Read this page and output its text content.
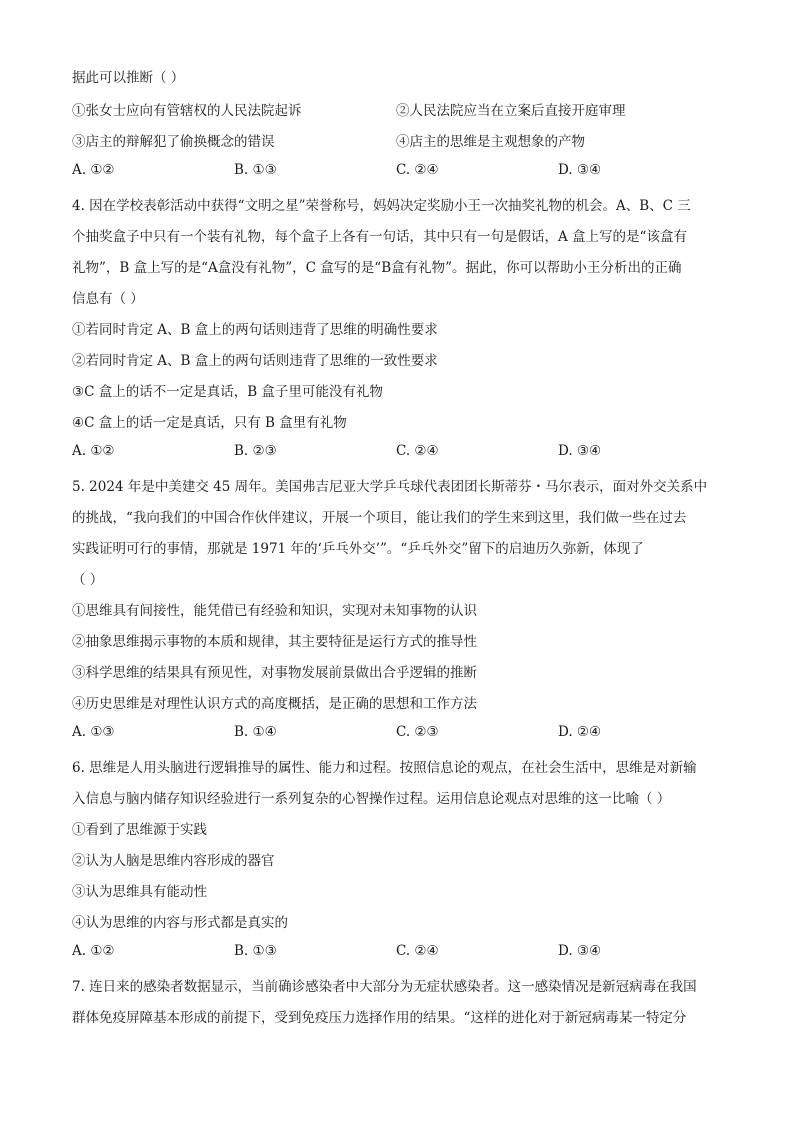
据此可以推断（ ）
①张女士应向有管辖权的人民法院起诉	②人民法院应当在立案后直接开庭审理
③店主的辩解犯了偷换概念的错误	④店主的思维是主观想象的产物
A. ①②	B. ①③	C. ②④	D. ③④
4. 因在学校表彰活动中获得“文明之星”荣誉称号，妈妈决定奖励小王一次抽奖礼物的机会。A、B、C 三
个抽奖盒子中只有一个装有礼物，每个盒子上各有一句话，其中只有一句是假话，A 盒上写的是“该盒有
礼物”，B 盒上写的是“A盒没有礼物”，C 盒写的是“B盒有礼物”。据此，你可以帮助小王分析出的正确
信息有（ ）
①若同时肯定 A、B 盒上的两句话则违背了思维的明确性要求
②若同时肯定 A、B 盒上的两句话则违背了思维的一致性要求
③C 盒上的话不一定是真话，B 盒子里可能没有礼物
④C 盒上的话一定是真话，只有 B 盒里有礼物
A. ①②	B. ②③	C. ②④	D. ③④
5. 2024 年是中美建交 45 周年。美国弗吉尼亚大学乒乓球代表团团长斯蒂芬・马尔表示，面对外交关系中
的挑战，“我向我们的中国合作伙伴建议，开展一个项目，能让我们的学生来到这里，我们做一些在过去
实践证明可行的事情，那就是 1971 年的‘乒乓外交’”。“乒乓外交”留下的启迪历久弥新，体现了
（ ）
①思维具有间接性，能凭借已有经验和知识，实现对未知事物的认识
②抽象思维揭示事物的本质和规律，其主要特征是运行方式的推导性
③科学思维的结果具有预见性，对事物发展前景做出合乎逻辑的推断
④历史思维是对理性认识方式的高度概括，是正确的思想和工作方法
A. ①③	B. ①④	C. ②③	D. ②④
6. 思维是人用头脑进行逻辑推导的属性、能力和过程。按照信息论的观点，在社会生活中，思维是对新输
入信息与脑内储存知识经验进行一系列复杂的心智操作过程。运用信息论观点对思维的这一比喻（ ）
①看到了思维源于实践
②认为人脑是思维内容形成的器官
③认为思维具有能动性
④认为思维的内容与形式都是真实的
A. ①②	B. ①③	C. ②④	D. ③④
7. 连日来的感染者数据显示，当前确诊感染者中大部分为无症状感染者。这一感染情况是新冠病毒在我国
群体免疫屏障基本形成的前提下，受到免疫压力选择作用的结果。“这样的进化对于新冠病毒某一特定分
